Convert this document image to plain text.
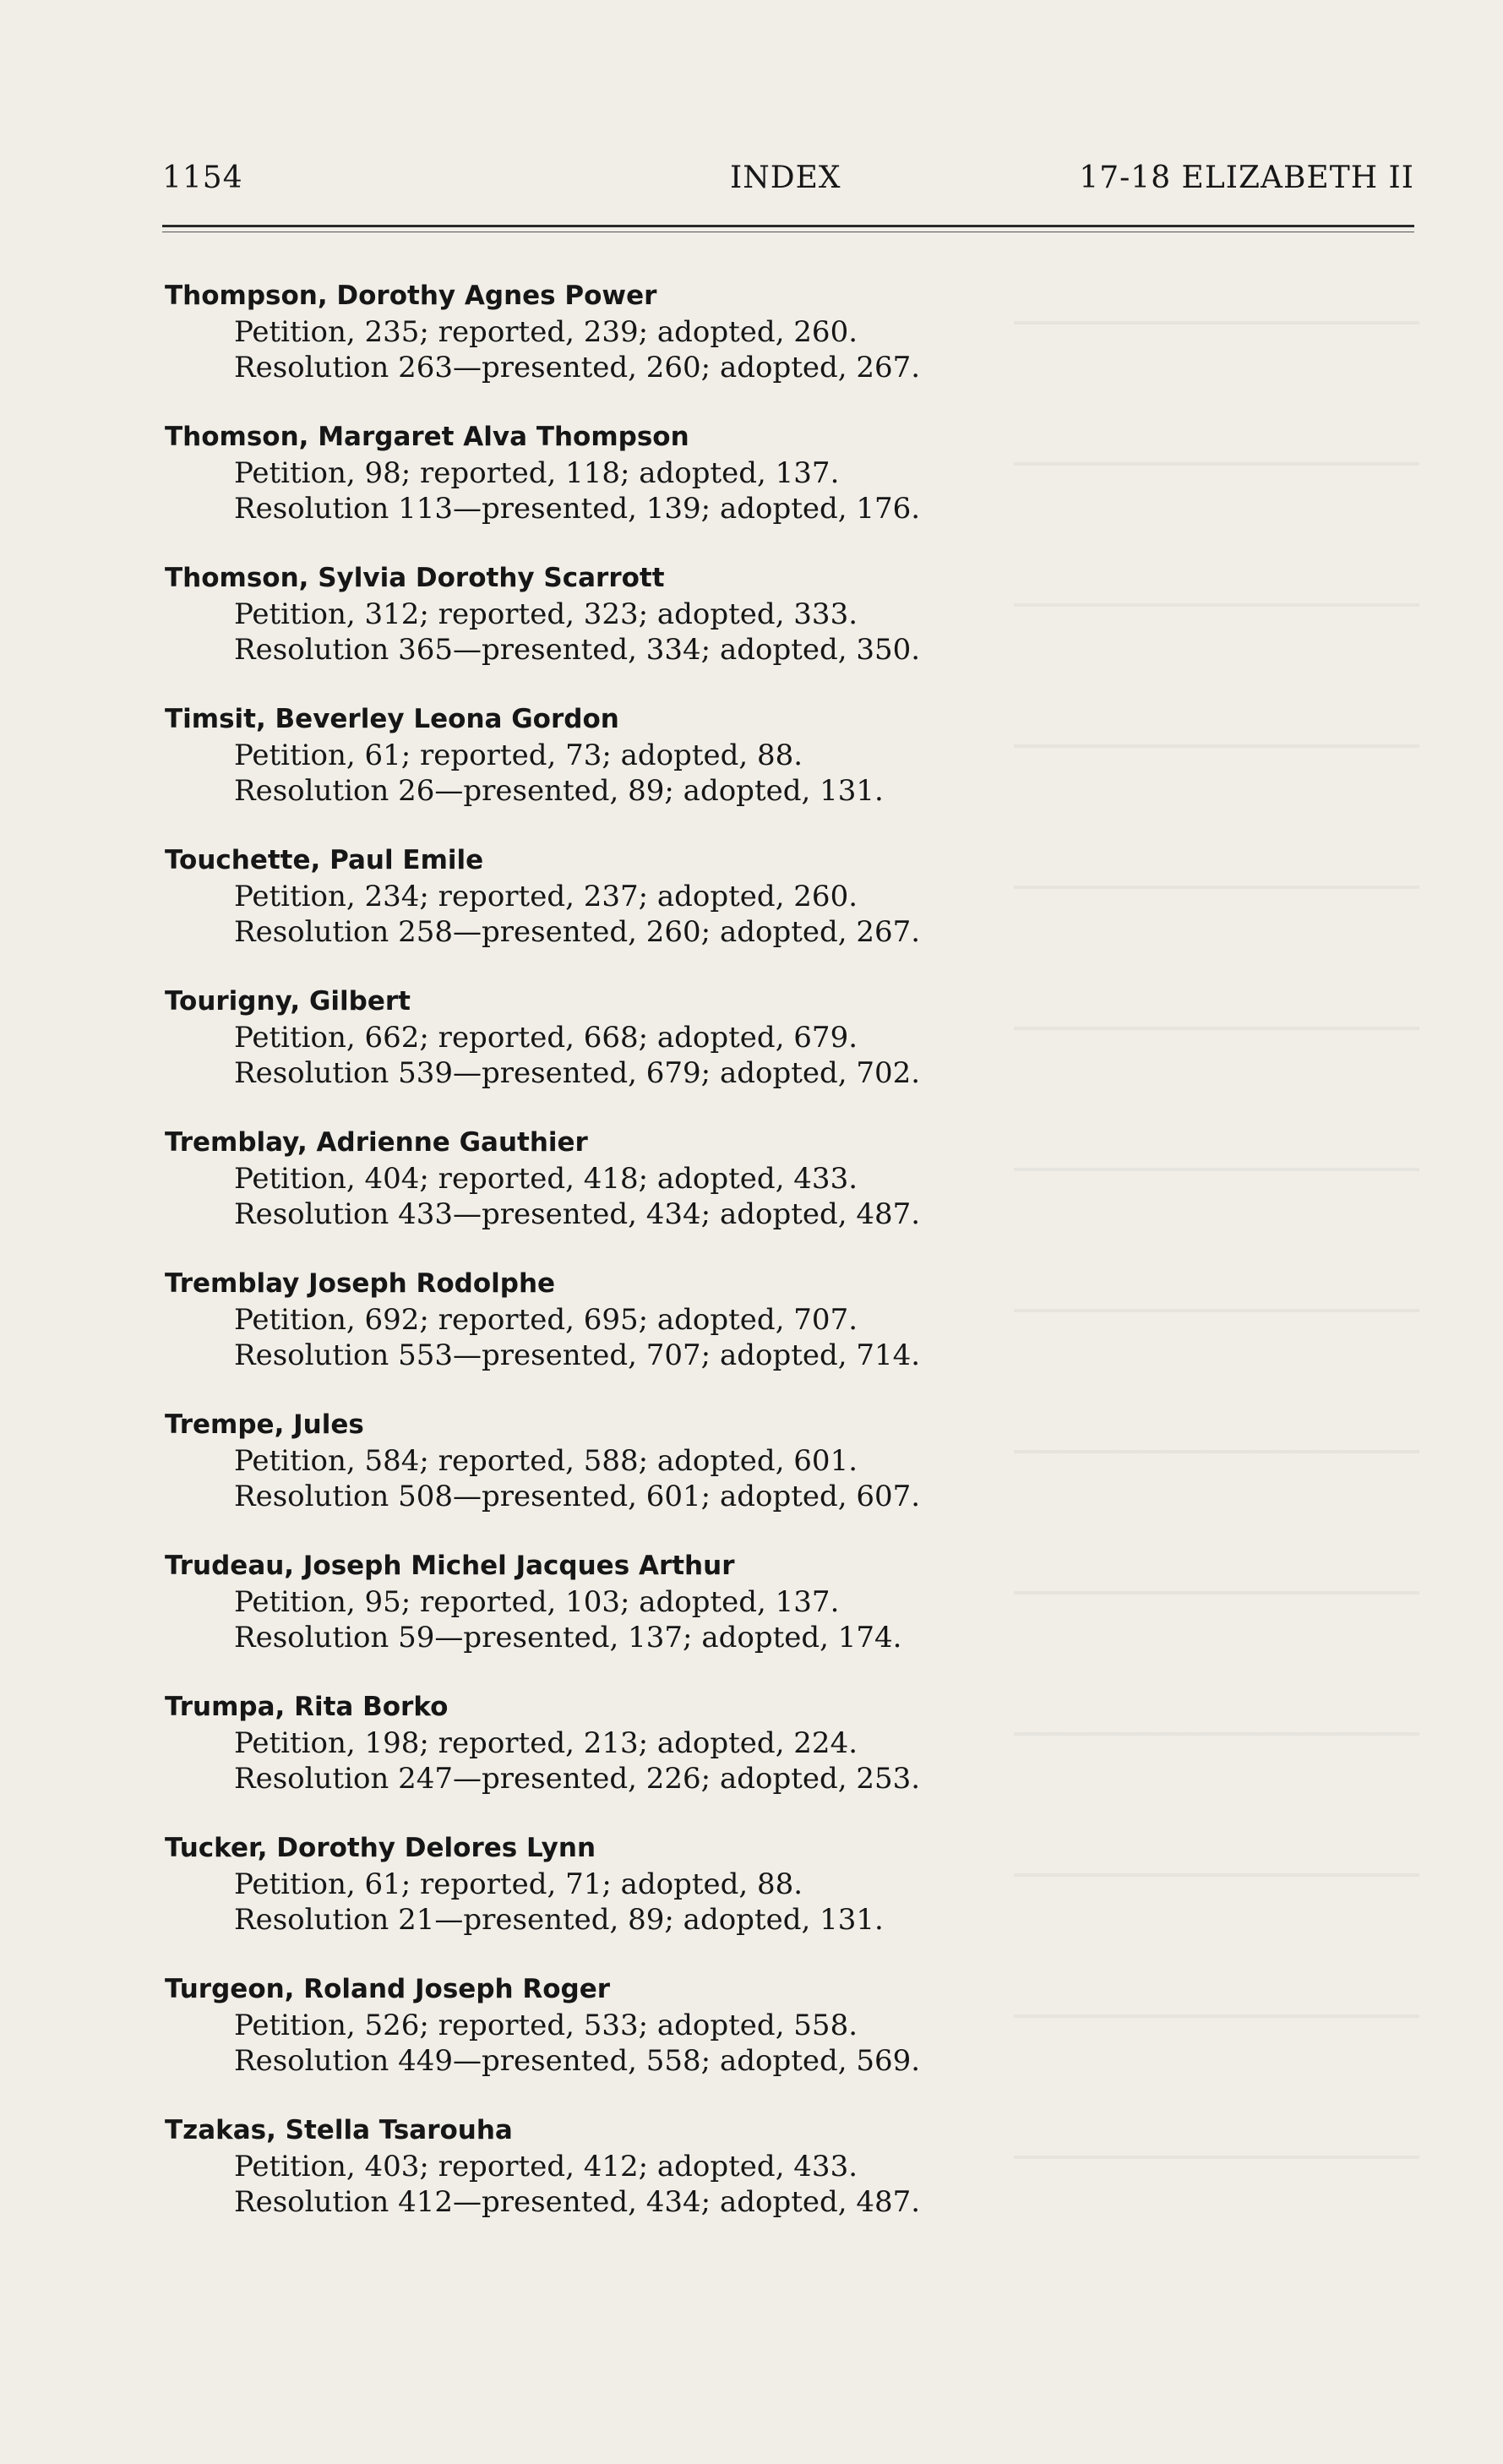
1154	INDEX	17-18 ELIZABETH II
Thompson, Dorothy Agnes Power
Petition, 235; reported, 239; adopted, 260.
Resolution 263—presented, 260; adopted, 267.
Thomson, Margaret Alva Thompson
Petition, 98; reported, 118; adopted, 137.
Resolution 113—presented, 139; adopted, 176.
Thomson, Sylvia Dorothy Scarrott
Petition, 312; reported, 323; adopted, 333.
Resolution 365—presented, 334; adopted, 350.
Timsit, Beverley Leona Gordon
Petition, 61; reported, 73; adopted, 88.
Resolution 26—presented, 89; adopted, 131.
Touchette, Paul Emile
Petition, 234; reported, 237; adopted, 260.
Resolution 258—presented, 260; adopted, 267.
Tourigny, Gilbert
Petition, 662; reported, 668; adopted, 679.
Resolution 539—presented, 679; adopted, 702.
Tremblay, Adrienne Gauthier
Petition, 404; reported, 418; adopted, 433.
Resolution 433—presented, 434; adopted, 487.
Tremblay Joseph Rodolphe
Petition, 692; reported, 695; adopted, 707.
Resolution 553—presented, 707; adopted, 714.
Trempe, Jules
Petition, 584; reported, 588; adopted, 601.
Resolution 508—presented, 601; adopted, 607.
Trudeau, Joseph Michel Jacques Arthur
Petition, 95; reported, 103; adopted, 137.
Resolution 59—presented, 137; adopted, 174.
Trumpa, Rita Borko
Petition, 198; reported, 213; adopted, 224.
Resolution 247—presented, 226; adopted, 253.
Tucker, Dorothy Delores Lynn
Petition, 61; reported, 71; adopted, 88.
Resolution 21—presented, 89; adopted, 131.
Turgeon, Roland Joseph Roger
Petition, 526; reported, 533; adopted, 558.
Resolution 449—presented, 558; adopted, 569.
Tzakas, Stella Tsarouha
Petition, 403; reported, 412; adopted, 433.
Resolution 412—presented, 434; adopted, 487.
